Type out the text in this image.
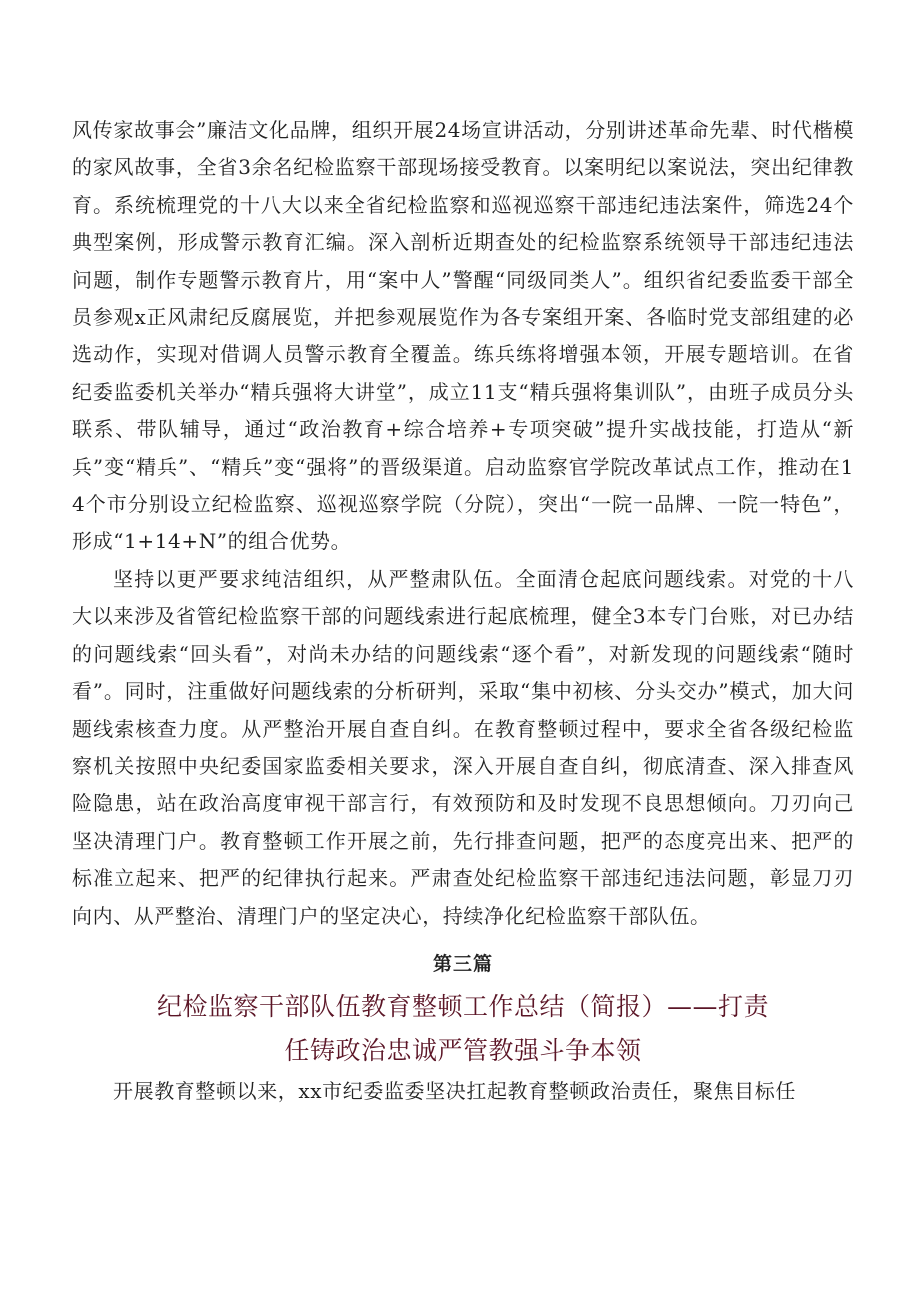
风传家故事会”廉洁文化品牌，组织开展24场宣讲活动，分别讲述革命先辈、时代楷模的家风故事，全省3余名纪检监察干部现场接受教育。以案明纪以案说法，突出纪律教育。系统梳理党的十八大以来全省纪检监察和巡视巡察干部违纪违法案件，筛选24个典型案例，形成警示教育汇编。深入剖析近期查处的纪检监察系统领导干部违纪违法问题，制作专题警示教育片，用“案中人”警醒“同级同类人”。组织省纪委监委干部全员参观x正风肃纪反腐展览，并把参观展览作为各专案组开案、各临时党支部组建的必选动作，实现对借调人员警示教育全覆盖。练兵练将增强本领，开展专题培训。在省纪委监委机关举办“精兵强将大讲堂”，成立11支“精兵强将集训队”，由班子成员分头联系、带队辅导，通过“政治教育+综合培养+专项突破”提升实战技能，打造从“新兵”变“精兵”、“精兵”变“强将”的晋级渠道。启动监察官学院改革试点工作，推动在14个市分别设立纪检监察、巡视巡察学院（分院），突出“一院一品牌、一院一特色”，形成“1+14+N”的组合优势。

坚持以更严要求纯洁组织，从严整肃队伍。全面清仓起底问题线索。对党的十八大以来涉及省管纪检监察干部的问题线索进行起底梳理，健全3本专门台账，对已办结的问题线索“回头看”，对尚未办结的问题线索“逐个看”，对新发现的问题线索“随时看”。同时，注重做好问题线索的分析研判，采取“集中初核、分头交办”模式，加大问题线索核查力度。从严整治开展自查自纠。在教育整顿过程中，要求全省各级纪检监察机关按照中央纪委国家监委相关要求，深入开展自查自纠，彻底清查、深入排查风险隐患，站在政治高度审视干部言行，有效预防和及时发现不良思想倾向。刀刃向己坚决清理门户。教育整顿工作开展之前，先行排查问题，把严的态度亮出来、把严的标准立起来、把严的纪律执行起来。严肃查处纪检监察干部违纪违法问题，彰显刀刃向内、从严整治、清理门户的坚定决心，持续净化纪检监察干部队伍。

第三篇
纪检监察干部队伍教育整顿工作总结（简报）——打责
任铸政治忠诚严管教强斗争本领

开展教育整顿以来，xx市纪委监委坚决扛起教育整顿政治责任，聚焦目标任
